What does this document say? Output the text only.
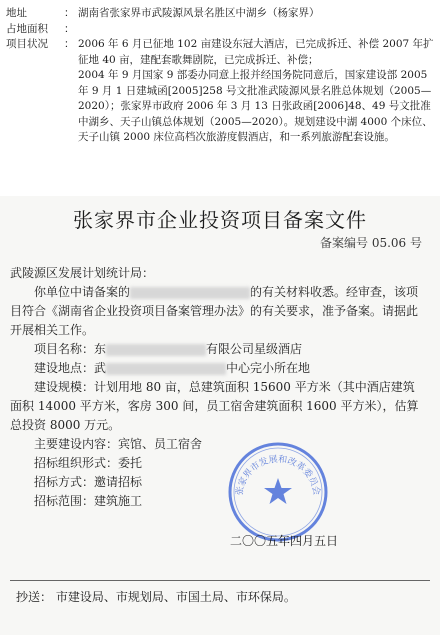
地址	： 湖南省张家界市武陵源风景名胜区中湖乡（杨家界）
占地面积	：
项目状况	： 2006 年 6 月已征地 102 亩建设东冠大酒店，已完成拆迁、补偿 2007 年扩征地 40 亩，建配套歌舞剧院，已完成拆迁、补偿；
2004 年 9 月国家 9 部委办同意上报并经国务院同意后，国家建设部 2005 年 9 月 1 日建城函[2005]258 号文批准武陵源风景名胜总体规划（2005—2020）；张家界市政府 2006 年 3 月 13 日张政函[2006]48、49 号文批准中湖乡、天子山镇总体规划（2005—2020）。规划建设中湖 4000 个床位、天子山镇 2000 床位高档次旅游度假酒店，和一系列旅游配套设施。
张家界市企业投资项目备案文件
备案编号 05.06 号
武陵源区发展计划统计局：
你单位中请备案的	的有关材料收悉。经审查，该项目符合《湖南省企业投资项目备案管理办法》的有关要求，准予备案。请据此开展相关工作。
项目名称：东	有限公司星级酒店
建设地点：武	中心完小所在地
建设规模：计划用地 80 亩，总建筑面积 15600 平方米（其中酒店建筑面积 14000 平方米，客房 300 间，员工宿舍建筑面积 1600 平方米），估算总投资 8000 万元。
主要建设内容：宾馆、员工宿舍
招标组织形式：委托
招标方式：邀请招标
招标范围：建筑施工
张家界市发展和改革委员会
二〇〇五年四月五日
抄送： 市建设局、市规划局、市国土局、市环保局。
